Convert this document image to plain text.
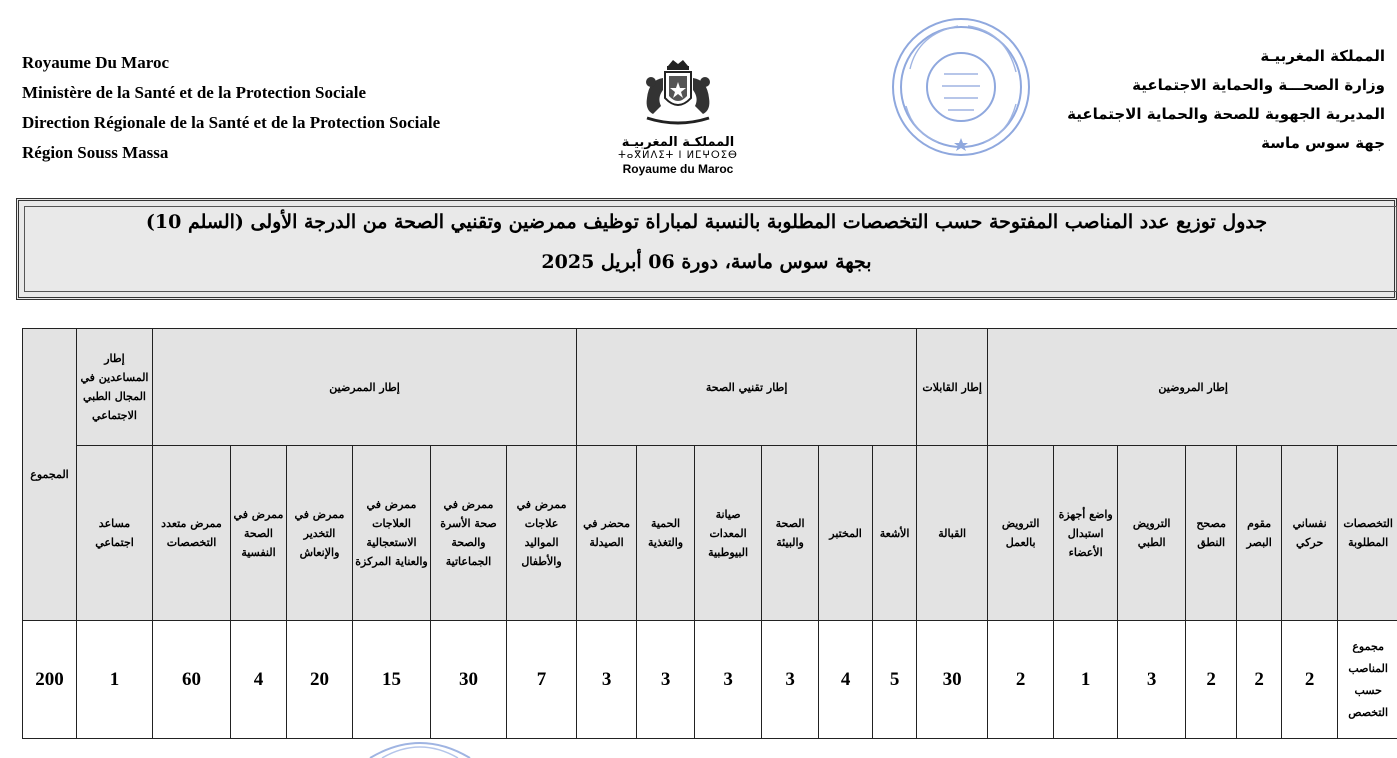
Royaume Du Maroc
Ministère de la Santé et de la Protection Sociale
Direction Régionale de la Santé et de la Protection Sociale
Région Souss Massa
المملكـة المغربيـة
ⵜⴰⴳⵍⴷⵉⵜ ⵏ ⵍⵎⵖⵔⵉⴱ
Royaume du Maroc
المملكة المغربيـة
وزارة الصحـــة والحماية الاجتماعية
المديرية الجهوية للصحة والحماية الاجتماعية
جهة سوس ماسة
جدول توزيع عدد المناصب المفتوحة حسب التخصصات المطلوبة بالنسبة لمباراة توظيف ممرضين وتقنيي الصحة من الدرجة الأولى (السلم 10)
بجهة سوس ماسة، دورة 06 أبريل 2025
المجموع	إطار المساعدين في المجال الطبي الاجتماعي	إطار الممرضين						إطار تقنيي الصحة						إطار القابلات	إطار المروضين	
	مساعد اجتماعي	ممرض متعدد التخصصات	ممرض في الصحة النفسية	ممرض في التخدير والإنعاش	ممرض في العلاجات الاستعجالية والعناية المركزة	ممرض في صحة الأسرة والصحة الجماعاتية	ممرض في علاجات المواليد والأطفال	محضر في الصيدلة	الحمية والتغذية	صيانة المعدات البيوطبية	الصحة والبيئة	المختبر	الأشعة	القبالة	الترويض بالعمل	واضع أجهزة استبدال الأعضاء	الترويض الطبي	مصحح النطق	مقوم البصر	نفساني حركي	التخصصات المطلوبة	
200	1	60	4	20	15	30	7	3	3	3	3	4	5	30	2	1	3	2	2	2	مجموع المناصب حسب التخصص	
